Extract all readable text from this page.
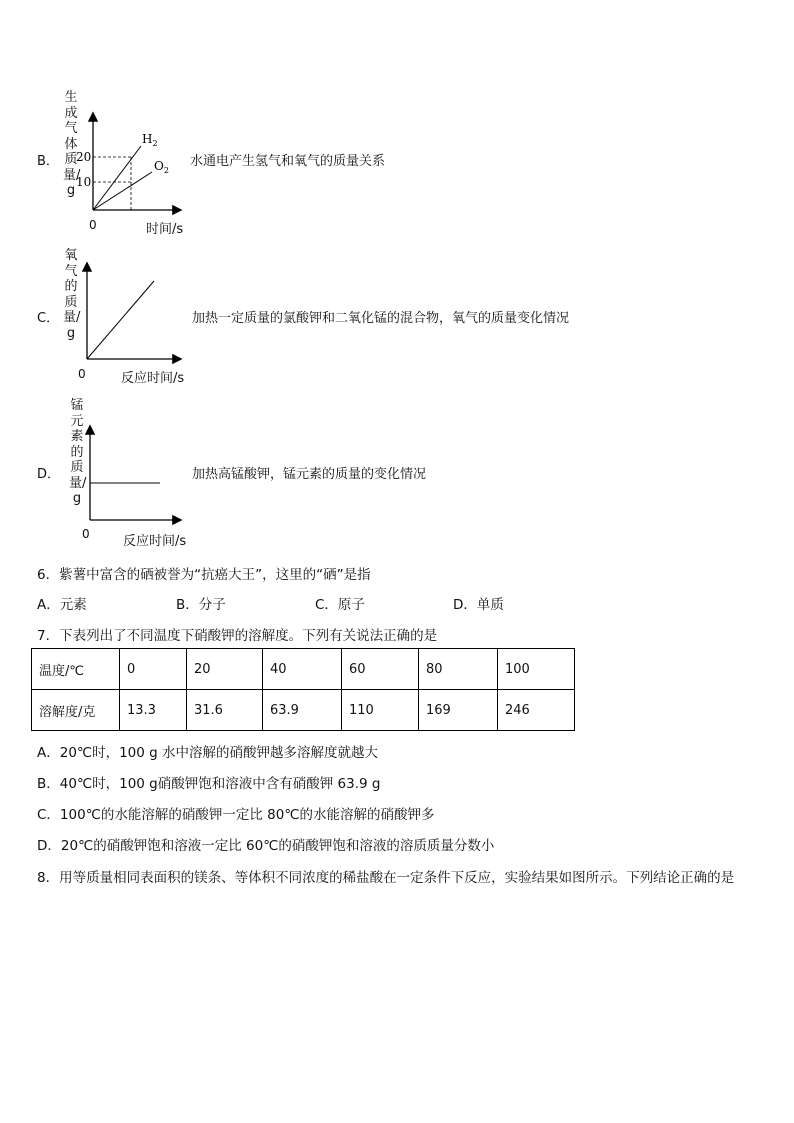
B．
生成气体质量/g
20
10
$H_2$
$O_2$
0	时间/s
水通电产生氢气和氧气的质量关系
C．
氧气的质量/g
0	反应时间/s
加热一定质量的氯酸钾和二氧化锰的混合物，氧气的质量变化情况
D．
锰元素的质量/g
0	反应时间/s
加热高锰酸钾，锰元素的质量的变化情况
6．紫薯中富含的硒被誉为“抗癌大王”，这里的“硒”是指
A．元素	B．分子	C．原子	D．单质
7．下表列出了不同温度下硝酸钾的溶解度。下列有关说法正确的是
温度/℃	0	20	40	60	80	100
溶解度/克	13.3	31.6	63.9	110	169	246
A．20℃时，100 g 水中溶解的硝酸钾越多溶解度就越大
B．40℃时，100 g硝酸钾饱和溶液中含有硝酸钾 63.9 g
C．100℃的水能溶解的硝酸钾一定比 80℃的水能溶解的硝酸钾多
D．20℃的硝酸钾饱和溶液一定比 60℃的硝酸钾饱和溶液的溶质质量分数小
8．用等质量相同表面积的镁条、等体积不同浓度的稀盐酸在一定条件下反应，实验结果如图所示。下列结论正确的是
